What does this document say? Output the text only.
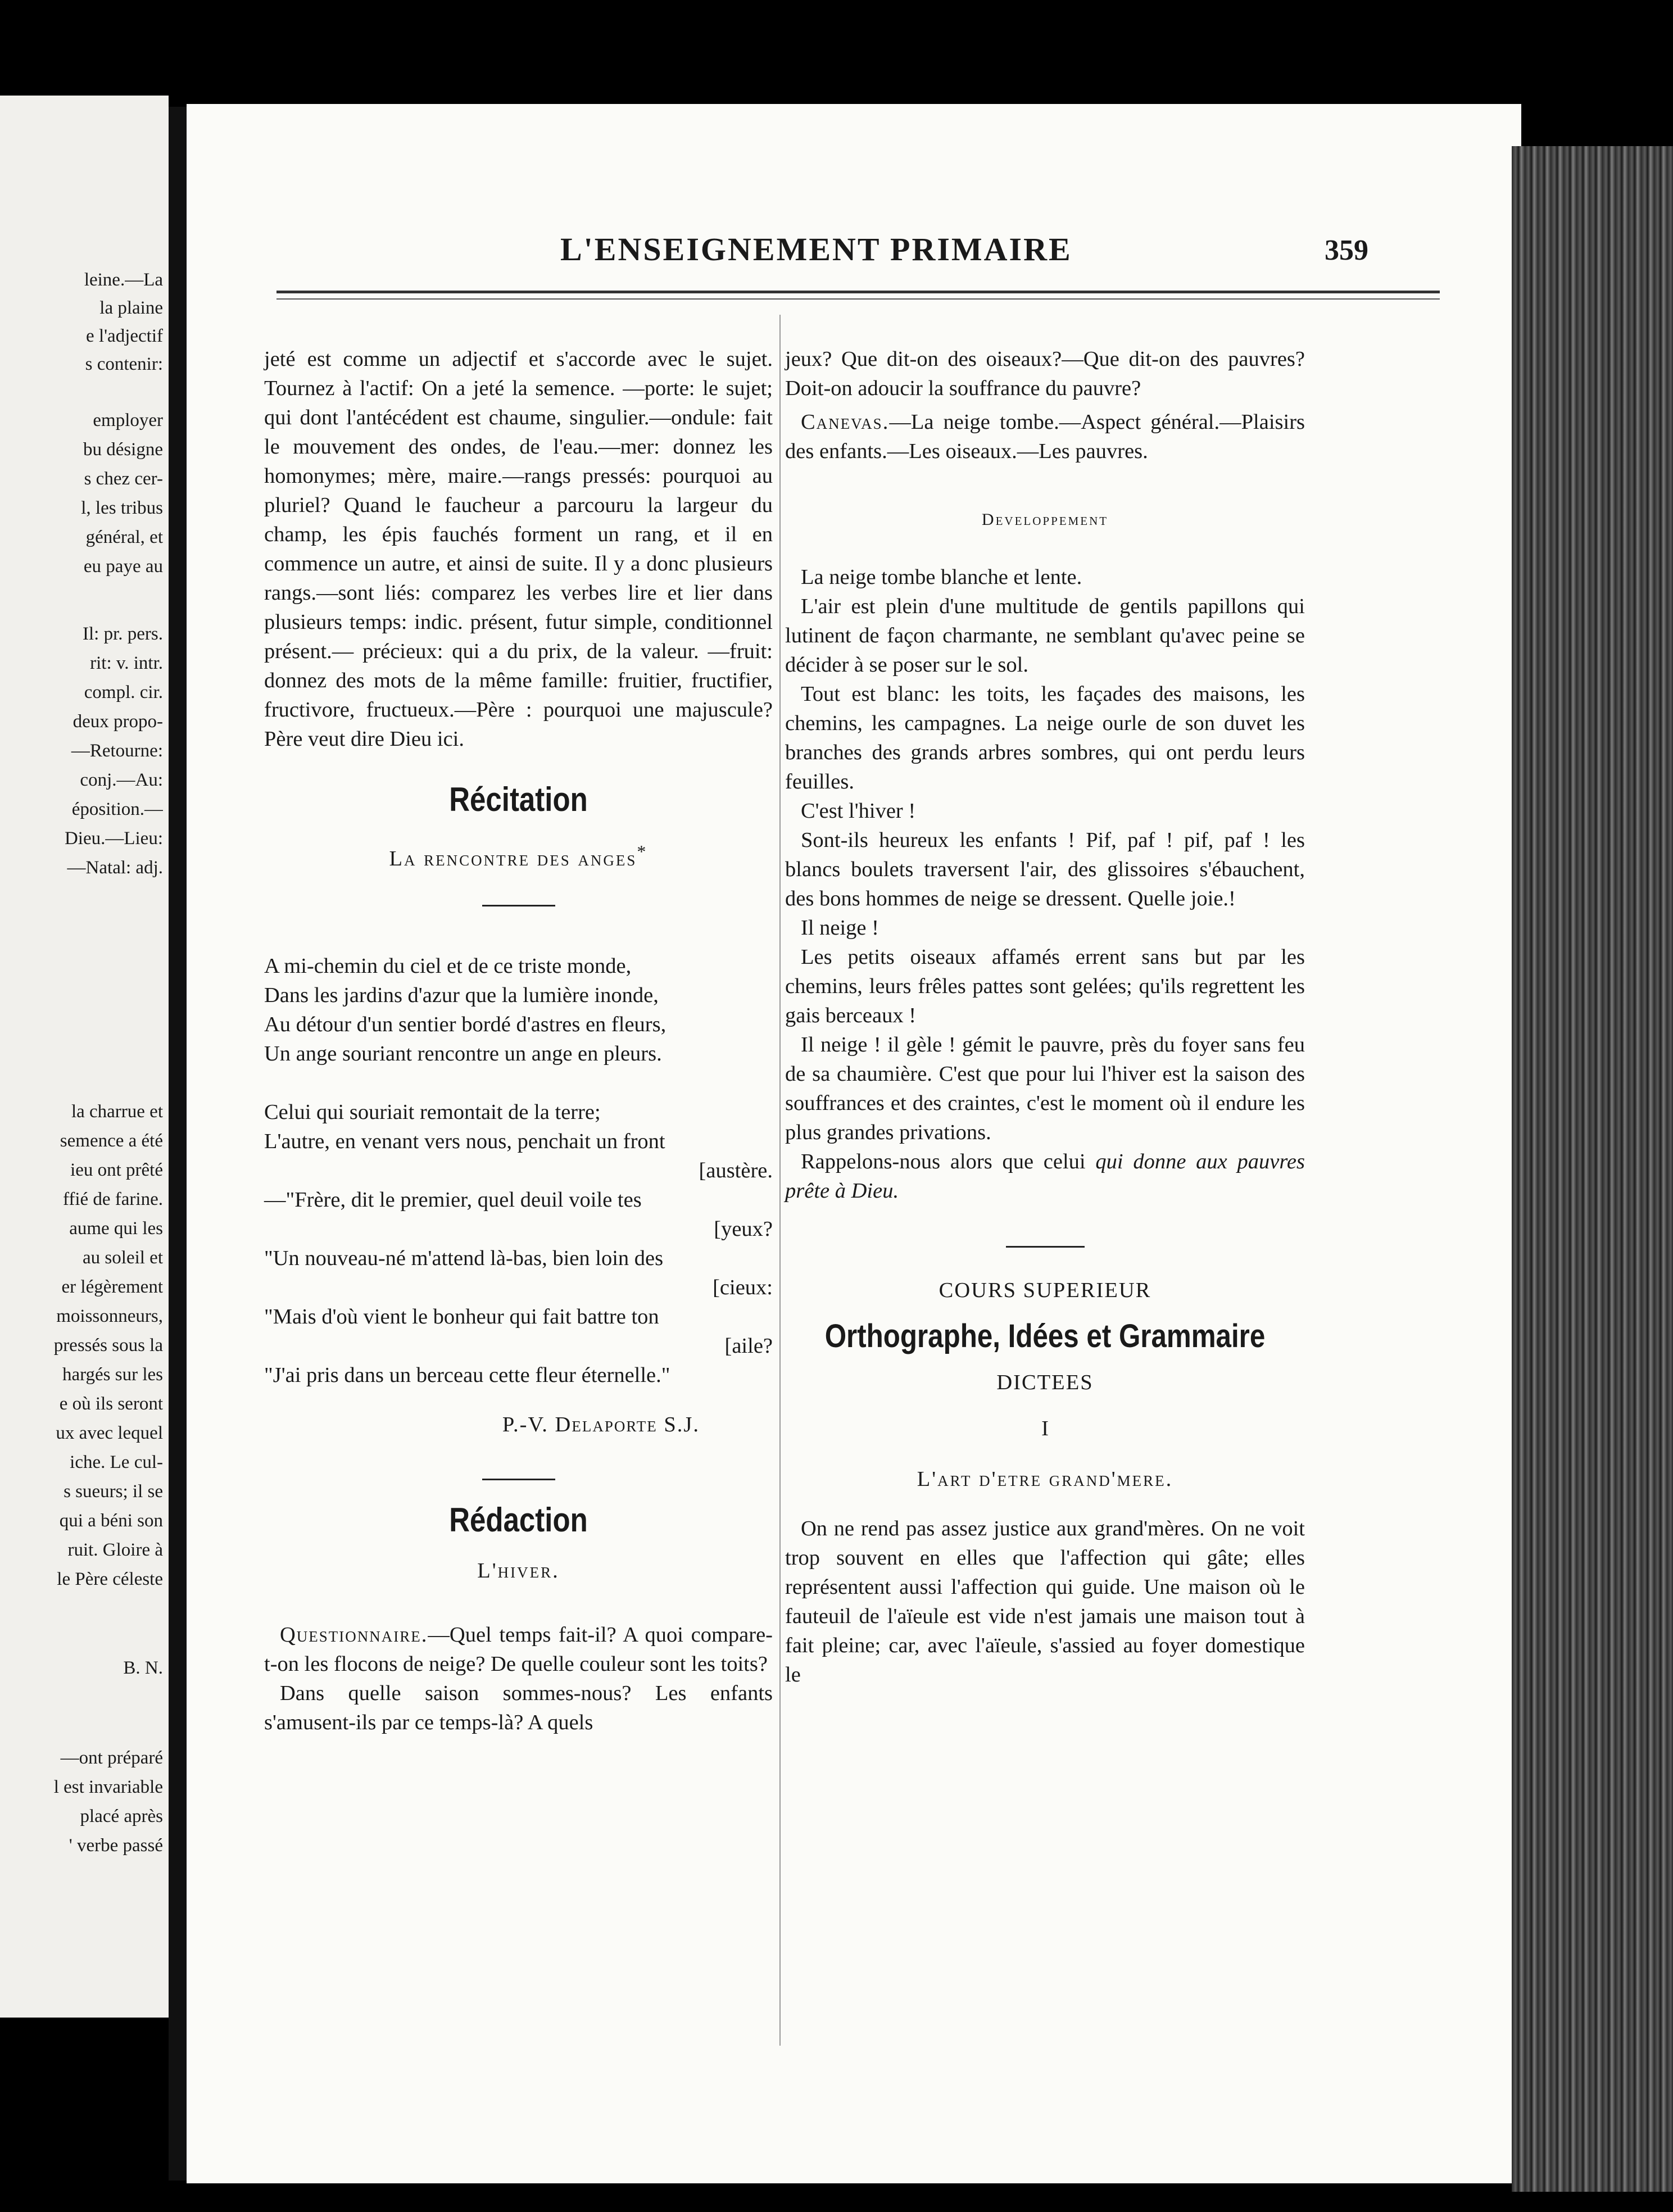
leine.—La
la plaine
e l'adjectif
s contenir:
employer
bu désigne
s chez cer-
l, les tribus
général, et
eu paye au
Il: pr. pers.
rit: v. intr.
compl. cir.
deux propo-
—Retourne:
conj.—Au:
éposition.—
Dieu.—Lieu:
—Natal: adj.
la charrue et
semence a été
ieu ont prêté
ffié de farine.
aume qui les
au soleil et
er légèrement
moissonneurs,
pressés sous la
hargés sur les
e où ils seront
ux avec lequel
iche. Le cul-
s sueurs; il se
qui a béni son
ruit. Gloire à
le Père céleste
B. N.
—ont préparé
l est invariable
placé après
' verbe passé
L'ENSEIGNEMENT PRIMAIRE	359

jeté est comme un adjectif et s'accorde avec le sujet. Tournez à l'actif: On a jeté la semence. —porte: le sujet; qui dont l'antécédent est chaume, singulier.—ondule: fait le mouvement des ondes, de l'eau.—mer: donnez les homonymes; mère, maire.—rangs pressés: pourquoi au pluriel? Quand le faucheur a parcouru la largeur du champ, les épis fauchés forment un rang, et il en commence un autre, et ainsi de suite. Il y a donc plusieurs rangs.—sont liés: comparez les verbes lire et lier dans plusieurs temps: indic. présent, futur simple, conditionnel présent.— précieux: qui a du prix, de la valeur. —fruit: donnez des mots de la même famille: fruitier, fructifier, fructivore, fructueux.—Père : pourquoi une majuscule? Père veut dire Dieu ici.

Récitation

La rencontre des anges*

A mi-chemin du ciel et de ce triste monde,
Dans les jardins d'azur que la lumière inonde,
Au détour d'un sentier bordé d'astres en fleurs,
Un ange souriant rencontre un ange en pleurs.
Celui qui souriait remontait de la terre;
L'autre, en venant vers nous, penchait un front
[austère.
—"Frère, dit le premier, quel deuil voile tes
[yeux?
"Un nouveau-né m'attend là-bas, bien loin des
[cieux:
"Mais d'où vient le bonheur qui fait battre ton
[aile?
"J'ai pris dans un berceau cette fleur éternelle."

P.-V. Delaporte S.J.

Rédaction

L'hiver.

Questionnaire.—Quel temps fait-il? A quoi compare-t-on les flocons de neige? De quelle couleur sont les toits?

Dans quelle saison sommes-nous? Les enfants s'amusent-ils par ce temps-là? A quels

jeux? Que dit-on des oiseaux?—Que dit-on des pauvres? Doit-on adoucir la souffrance du pauvre?

Canevas.—La neige tombe.—Aspect général.—Plaisirs des enfants.—Les oiseaux.—Les pauvres.

Developpement

La neige tombe blanche et lente.

L'air est plein d'une multitude de gentils papillons qui lutinent de façon charmante, ne semblant qu'avec peine se décider à se poser sur le sol.

Tout est blanc: les toits, les façades des maisons, les chemins, les campagnes. La neige ourle de son duvet les branches des grands arbres sombres, qui ont perdu leurs feuilles.

C'est l'hiver !

Sont-ils heureux les enfants ! Pif, paf ! pif, paf ! les blancs boulets traversent l'air, des glissoires s'ébauchent, des bons hommes de neige se dressent. Quelle joie.!

Il neige !

Les petits oiseaux affamés errent sans but par les chemins, leurs frêles pattes sont gelées; qu'ils regrettent les gais berceaux !

Il neige ! il gèle ! gémit le pauvre, près du foyer sans feu de sa chaumière. C'est que pour lui l'hiver est la saison des souffrances et des craintes, c'est le moment où il endure les plus grandes privations.

Rappelons-nous alors que celui qui donne aux pauvres prête à Dieu.

COURS SUPERIEUR

Orthographe, Idées et Grammaire

DICTEES

I

L'art d'etre grand'mere.

On ne rend pas assez justice aux grand'mères. On ne voit trop souvent en elles que l'affection qui gâte; elles représentent aussi l'affection qui guide. Une maison où le fauteuil de l'aïeule est vide n'est jamais une maison tout à fait pleine; car, avec l'aïeule, s'assied au foyer domestique le
